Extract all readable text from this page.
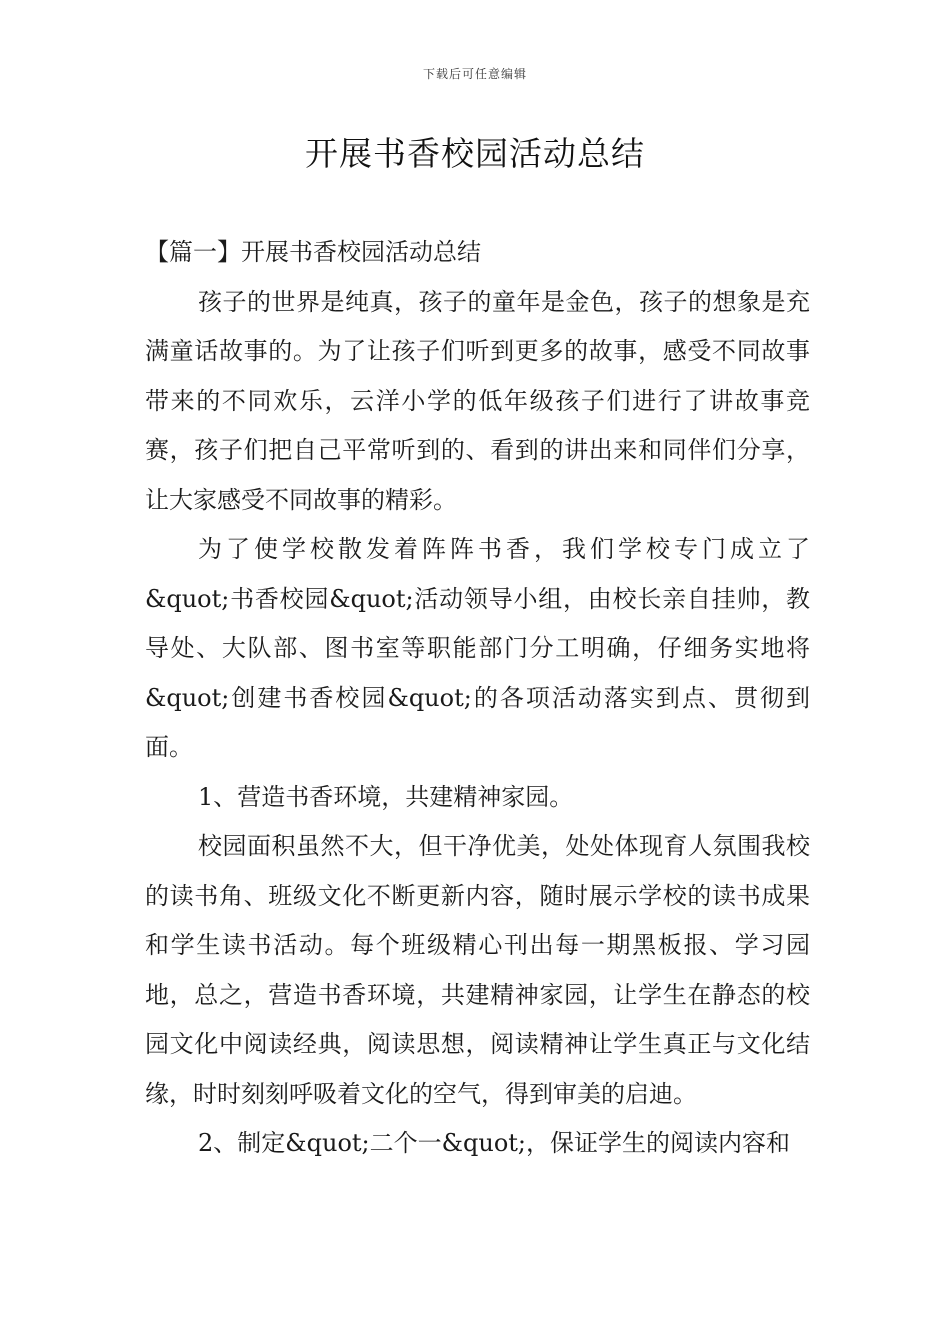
下载后可任意编辑
开展书香校园活动总结

【篇一】开展书香校园活动总结

孩子的世界是纯真，孩子的童年是金色，孩子的想象是充满童话故事的。为了让孩子们听到更多的故事，感受不同故事带来的不同欢乐，云洋小学的低年级孩子们进行了讲故事竞赛，孩子们把自己平常听到的、看到的讲出来和同伴们分享，让大家感受不同故事的精彩。

为了使学校散发着阵阵书香，我们学校专门成立了&quot;书香校园&quot;活动领导小组，由校长亲自挂帅，教导处、大队部、图书室等职能部门分工明确，仔细务实地将&quot;创建书香校园&quot;的各项活动落实到点、贯彻到面。

1、营造书香环境，共建精神家园。

校园面积虽然不大，但干净优美，处处体现育人氛围我校的读书角、班级文化不断更新内容，随时展示学校的读书成果和学生读书活动。每个班级精心刊出每一期黑板报、学习园地，总之，营造书香环境，共建精神家园，让学生在静态的校园文化中阅读经典，阅读思想，阅读精神让学生真正与文化结缘，时时刻刻呼吸着文化的空气，得到审美的启迪。

2、制定&quot;二个一&quot;，保证学生的阅读内容和
